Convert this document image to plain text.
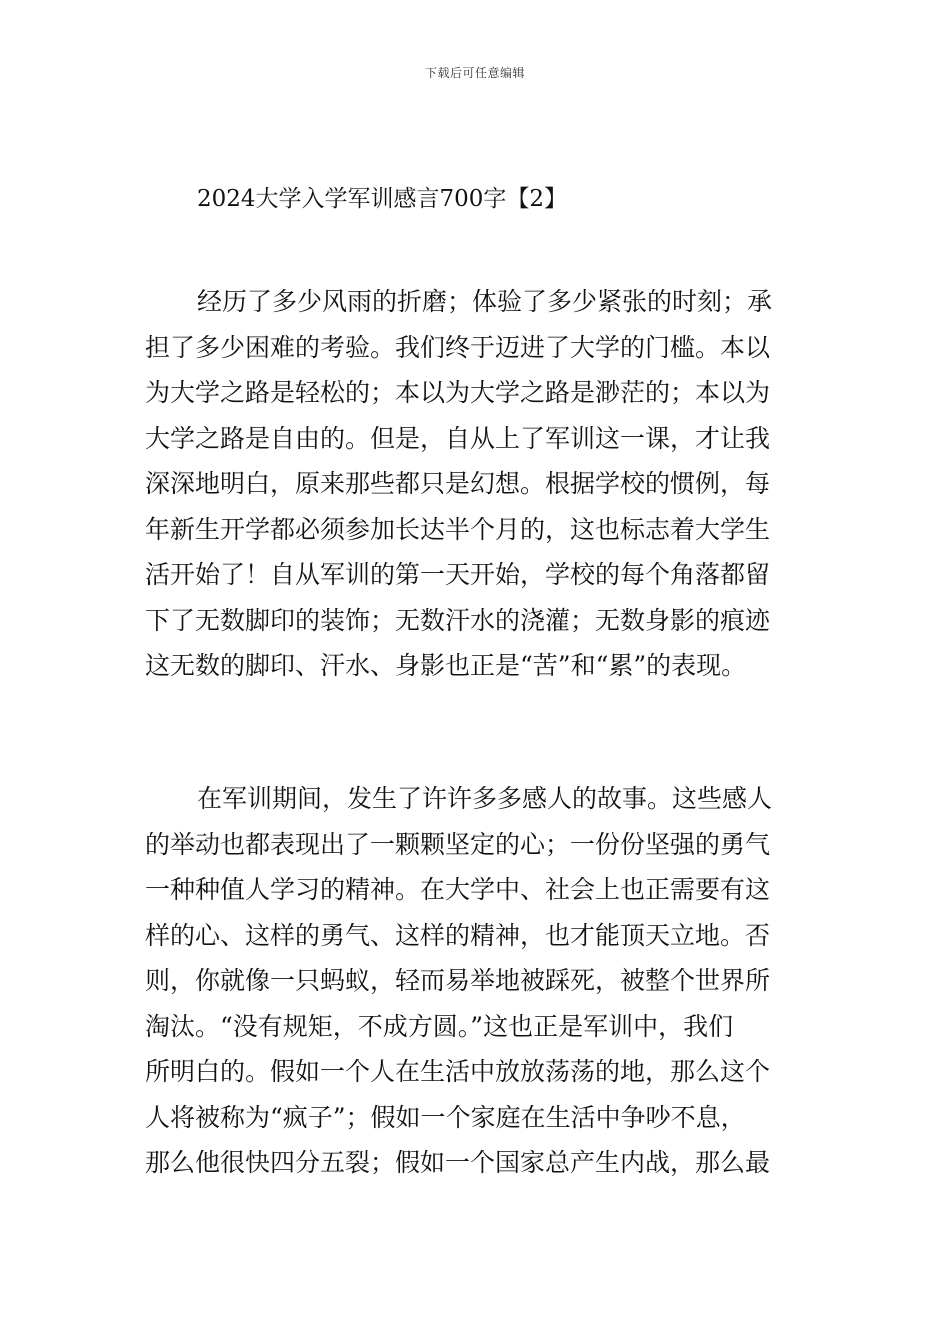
下载后可任意编辑
2024大学入学军训感言700字【2】
经历了多少风雨的折磨；体验了多少紧张的时刻；承
担了多少困难的考验。我们终于迈进了大学的门槛。本以
为大学之路是轻松的；本以为大学之路是渺茫的；本以为
大学之路是自由的。但是，自从上了军训这一课，才让我
深深地明白，原来那些都只是幻想。根据学校的惯例，每
年新生开学都必须参加长达半个月的，这也标志着大学生
活开始了！自从军训的第一天开始，学校的每个角落都留
下了无数脚印的装饰；无数汗水的浇灌；无数身影的痕迹
这无数的脚印、汗水、身影也正是“苦”和“累”的表现。
在军训期间，发生了许许多多感人的故事。这些感人
的举动也都表现出了一颗颗坚定的心；一份份坚强的勇气
一种种值人学习的精神。在大学中、社会上也正需要有这
样的心、这样的勇气、这样的精神，也才能顶天立地。否
则，你就像一只蚂蚁，轻而易举地被踩死，被整个世界所
淘汰。“没有规矩，不成方圆。”这也正是军训中，我们
所明白的。假如一个人在生活中放放荡荡的地，那么这个
人将被称为“疯子”；假如一个家庭在生活中争吵不息，
那么他很快四分五裂；假如一个国家总产生内战，那么最
